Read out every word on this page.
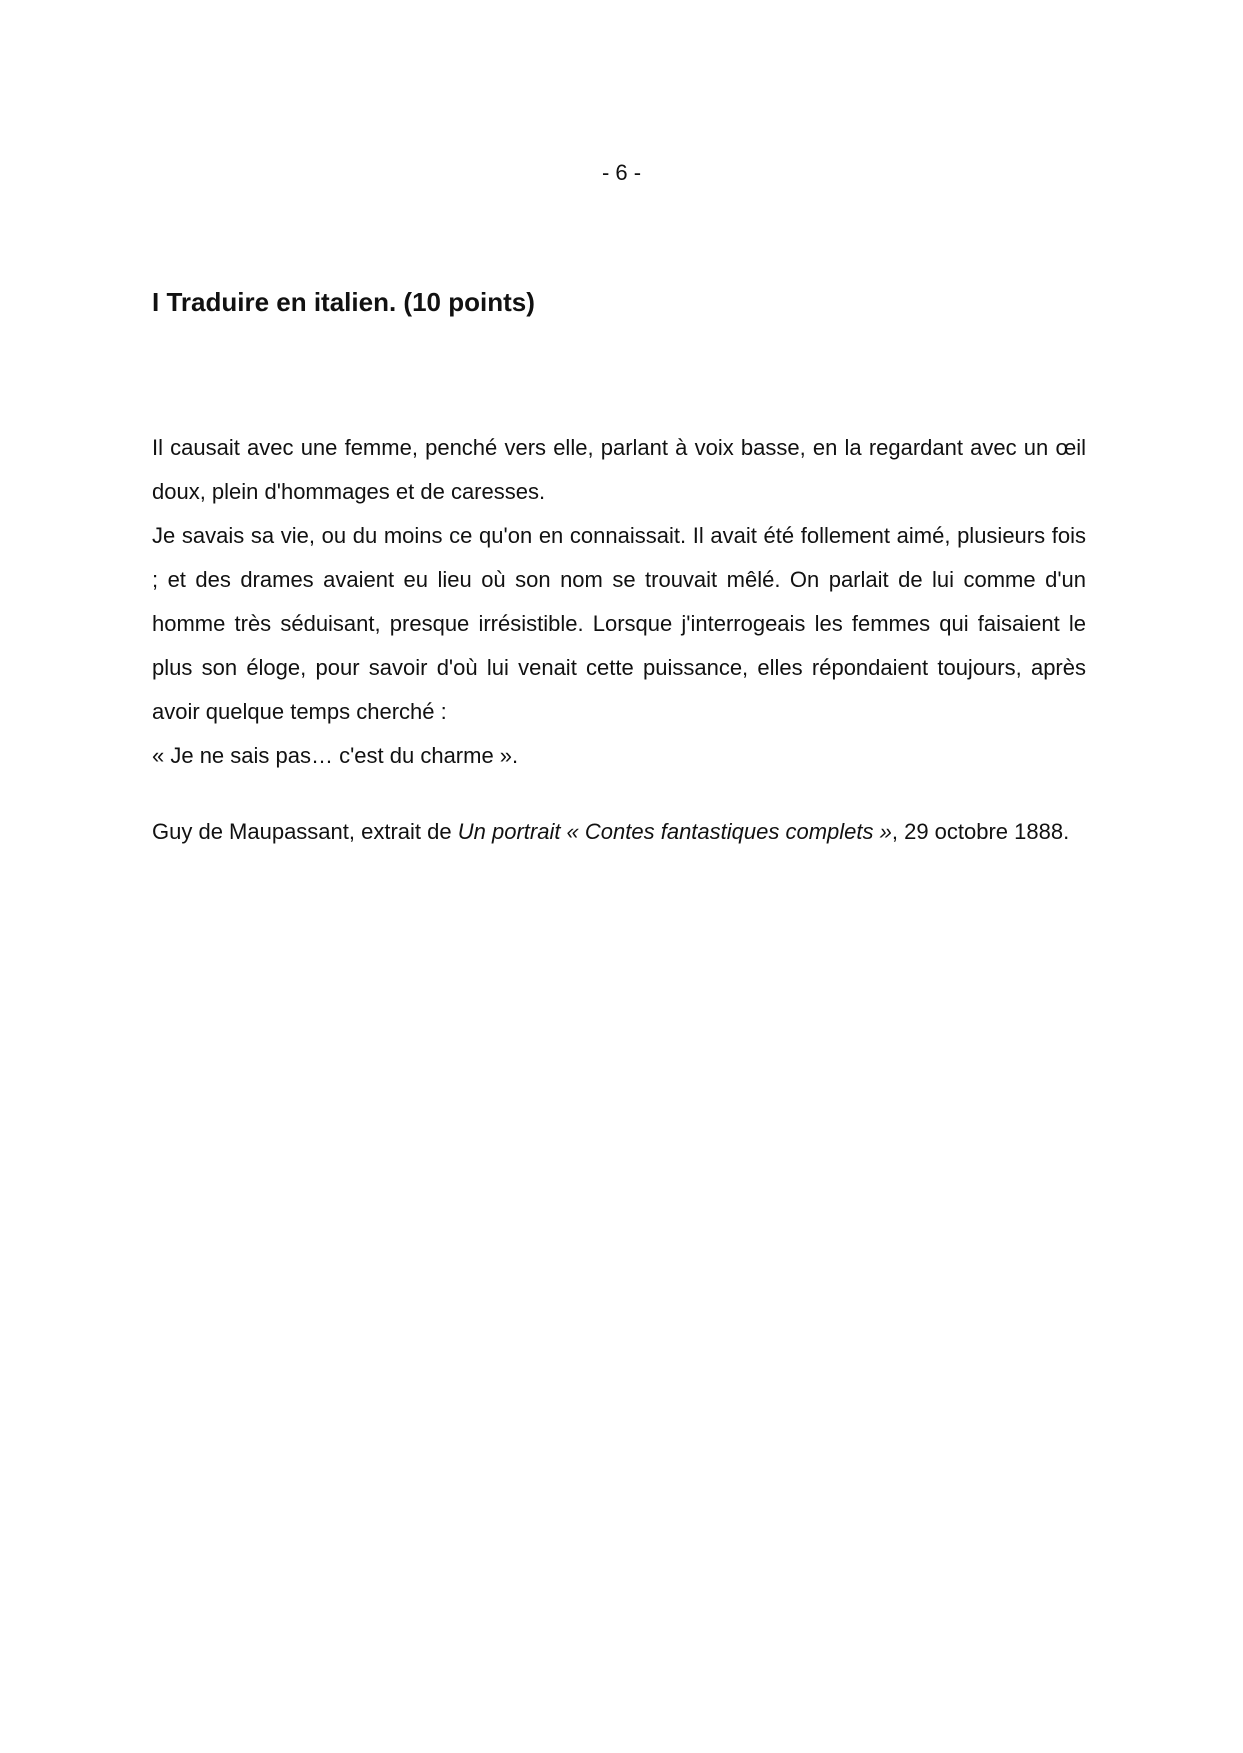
- 6 -
I Traduire en italien. (10 points)

Il causait avec une femme, penché vers elle, parlant à voix basse, en la regardant avec un œil doux, plein d'hommages et de caresses.

Je savais sa vie, ou du moins ce qu'on en connaissait. Il avait été follement aimé, plusieurs fois ; et des drames avaient eu lieu où son nom se trouvait mêlé. On parlait de lui comme d'un homme très séduisant, presque irrésistible. Lorsque j'interrogeais les femmes qui faisaient le plus son éloge, pour savoir d'où lui venait cette puissance, elles répondaient toujours, après avoir quelque temps cherché :

« Je ne sais pas… c'est du charme ».

Guy de Maupassant, extrait de Un portrait « Contes fantastiques complets », 29 octobre 1888.
